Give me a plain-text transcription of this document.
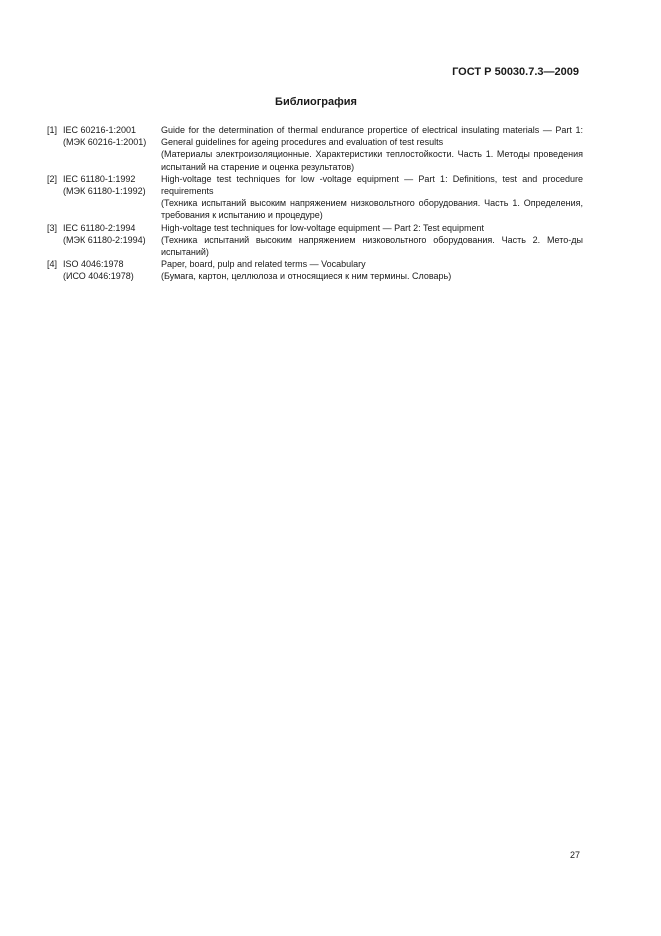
ГОСТ Р 50030.7.3—2009
Библиография
[1] IEC 60216-1:2001
(МЭК 60216-1:2001)
Guide for the determination of thermal endurance propertice of electrical insulating materials — Part 1: General guidelines for ageing procedures and evaluation of test results
(Материалы электроизоляционные. Характеристики теплостойкости. Часть 1. Методы проведения испытаний на старение и оценка результатов)
[2] IEC 61180-1:1992
(МЭК 61180-1:1992)
High-voltage test techniques for low -voltage equipment — Part 1: Definitions, test and procedure requirements
(Техника испытаний высоким напряжением низковольтного оборудования. Часть 1. Определения, требования к испытанию и процедуре)
[3] IEC 61180-2:1994
(МЭК 61180-2:1994)
High-voltage test techniques for low-voltage equipment — Part 2: Test equipment
(Техника испытаний высоким напряжением низковольтного оборудования. Часть 2. Мето-ды испытаний)
[4] ISO 4046:1978
(ИСО 4046:1978)
Paper, board, pulp and related terms — Vocabulary
(Бумага, картон, целлюлоза и относящиеся к ним термины. Словарь)
27
